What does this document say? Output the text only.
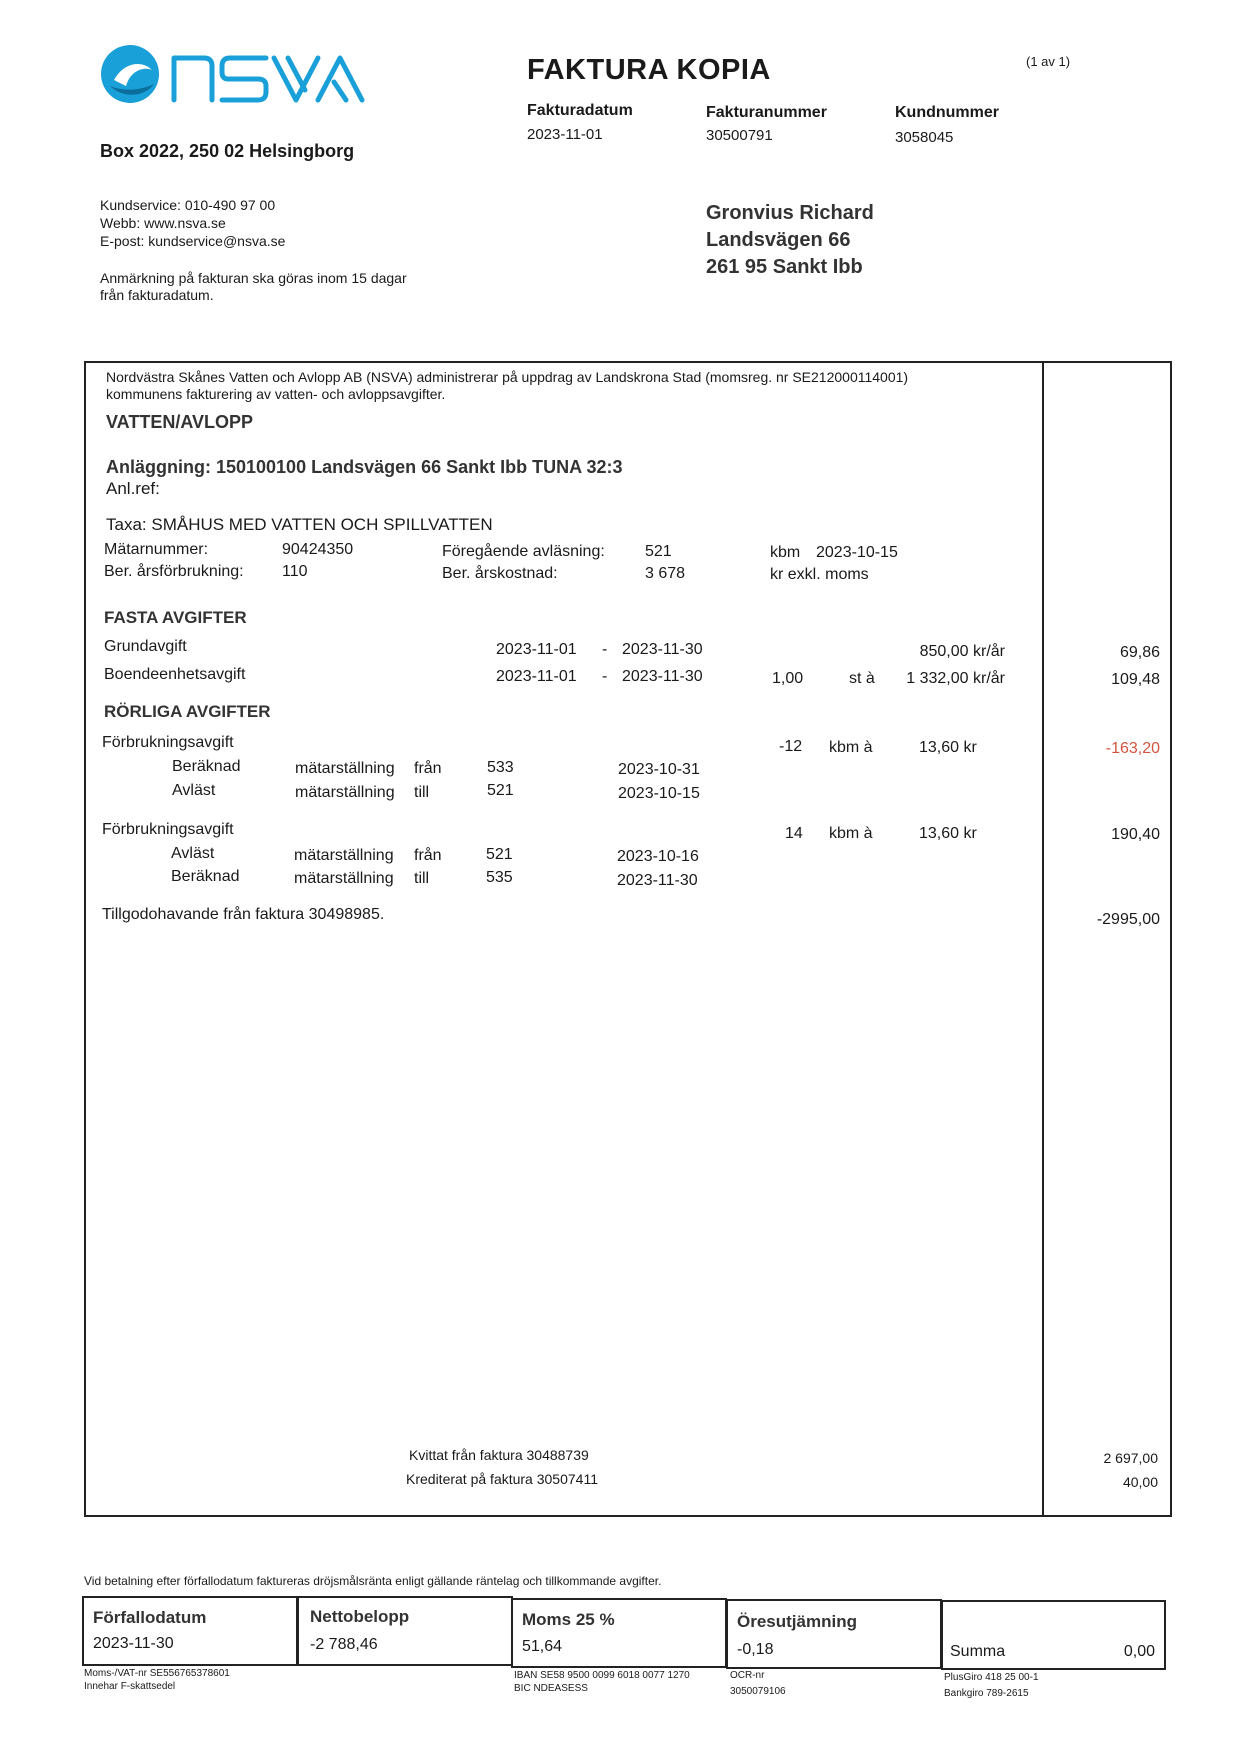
Box 2022, 250 02 Helsingborg
FAKTURA KOPIA	(1 av 1)
Fakturadatum
2023-11-01
Fakturanummer
30500791
Kundnummer
3058045
Kundservice: 010-490 97 00
Webb: www.nsva.se
E-post: kundservice@nsva.se
Anmärkning på fakturan ska göras inom 15 dagar
från fakturadatum.
Gronvius Richard
Landsvägen 66
261 95 Sankt Ibb
Nordvästra Skånes Vatten och Avlopp AB (NSVA) administrerar på uppdrag av Landskrona Stad (momsreg. nr SE212000114001)
kommunens fakturering av vatten- och avloppsavgifter.
VATTEN/AVLOPP
Anläggning: 150100100 Landsvägen 66 Sankt Ibb TUNA 32:3
Anl.ref:
Taxa: SMÅHUS MED VATTEN OCH SPILLVATTEN
Mätarnummer:	90424350	Föregående avläsning:	521	kbm 2023-10-15
Ber. årsförbrukning: 110	Ber. årskostnad:	3 678	kr exkl. moms
FASTA AVGIFTER
Grundavgift	2023-11-01 - 2023-11-30	850,00 kr/år	69,86
Boendeenhetsavgift	2023-11-01 - 2023-11-30	1,00	st à 1 332,00 kr/år	109,48
RÖRLIGA AVGIFTER
Förbrukningsavgift	-12 kbm à	13,60 kr	-163,20
Beräknad	mätarställning från	533	2023-10-31
Avläst	mätarställning till	521	2023-10-15
Förbrukningsavgift	14 kbm à	13,60 kr	190,40
Avläst	mätarställning från	521	2023-10-16
Beräknad	mätarställning till	535	2023-11-30
Tillgodohavande från faktura 30498985.	-2995,00
Kvittat från faktura 30488739	2 697,00
Krediterat på faktura 30507411	40,00
Vid betalning efter förfallodatum faktureras dröjsmålsränta enligt gällande räntelag och tillkommande avgifter.
Förfallodatum
2023-11-30
Nettobelopp
-2 788,46
Moms 25 %
51,64
Öresutjämning
-0,18	Summa	0,00
Moms-/VAT-nr SE556765378601
Innehar F-skattsedel
IBAN SE58 9500 0099 6018 0077 1270
BIC NDEASESS
OCR-nr
3050079106
PlusGiro 418 25 00-1
Bankgiro 789-2615
